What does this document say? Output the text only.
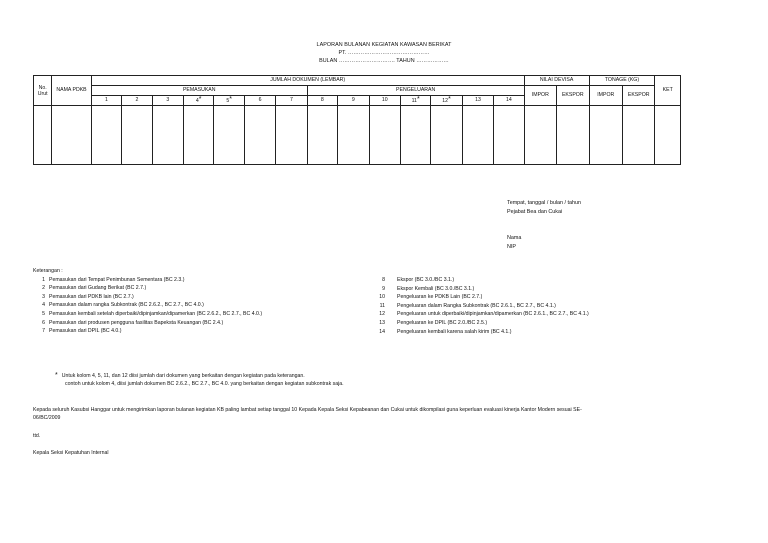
LAPORAN BULANAN KEGIATAN KAWASAN BERIKAT
PT. ………………………………………
BULAN …………………………. TAHUN ………………
No. Urut	NAMA PDKB	JUMLAH DOKUMEN (LEMBAR)														NILAI DEVISA		TONAGE (KG)		KET
		PEMASUKAN							PENGELUARAN							IMPOR	EKSPOR	IMPOR	EKSPOR	
		1	2	3	4*	5*	6	7	8	9	10	11*	12*	13	14					

Tempat, tanggal / bulan / tahun
Pejabat Bea dan Cukai
Nama
NIP
Keterangan :
1 Pemasukan dari Tempat Penimbunan Sementara (BC 2.3.)
2 Pemasukan dari Gudang Berikat (BC 2.7.)
3 Pemasukan dari PDKB lain (BC 2.7.)
4 Pemasukan dalam rangka Subkontrak (BC 2.6.2., BC 2.7., BC 4.0.)
5 Pemasukan kembali setelah diperbaiki/dipinjamkan/dipamerkan (BC 2.6.2., BC 2.7., BC 4.0.)
6 Pemasukan dari produsen pengguna fasilitas Bapeksta Keuangan (BC 2.4.)
7 Pemasukan dari DPIL (BC 4.0.)
8 Ekspor (BC 3.0./BC 3.1.)
9 Ekspor Kembali (BC 3.0./BC 3.1.)
10 Pengeluaran ke PDKB Lain (BC 2.7.)
11 Pengeluaran dalam Rangka Subkontrak (BC 2.6.1., BC 2.7., BC 4.1.)
12 Pengeluaran untuk diperbaiki/dipinjamkan/dipamerkan (BC 2.6.1., BC 2.7., BC 4.1.)
13 Pengeluaran ke DPIL (BC 2.0./BC 2.5.)
14 Pengeluaran kembali karena salah kirim (BC 4.1.)
* Untuk kolom 4, 5, 11, dan 12 diisi jumlah dari dokumen yang berkaitan dengan kegiatan pada keterangan.
contoh untuk kolom 4, diisi jumlah dokumen BC 2.6.2., BC 2.7., BC 4.0. yang berkaitan dengan kegiatan subkontrak saja.
Kepada seluruh Kasubsi Hanggar untuk mengirimkan laporan bulanan kegiatan KB paling lambat setiap tanggal 10 Kepada Kepala Seksi Kepabeanan dan Cukai untuk dikompilasi guna keperluan evaluasi kinerja Kantor Modern sesuai SE-
06/BC/2009
ttd.
Kepala Seksi Kepatuhan Internal
